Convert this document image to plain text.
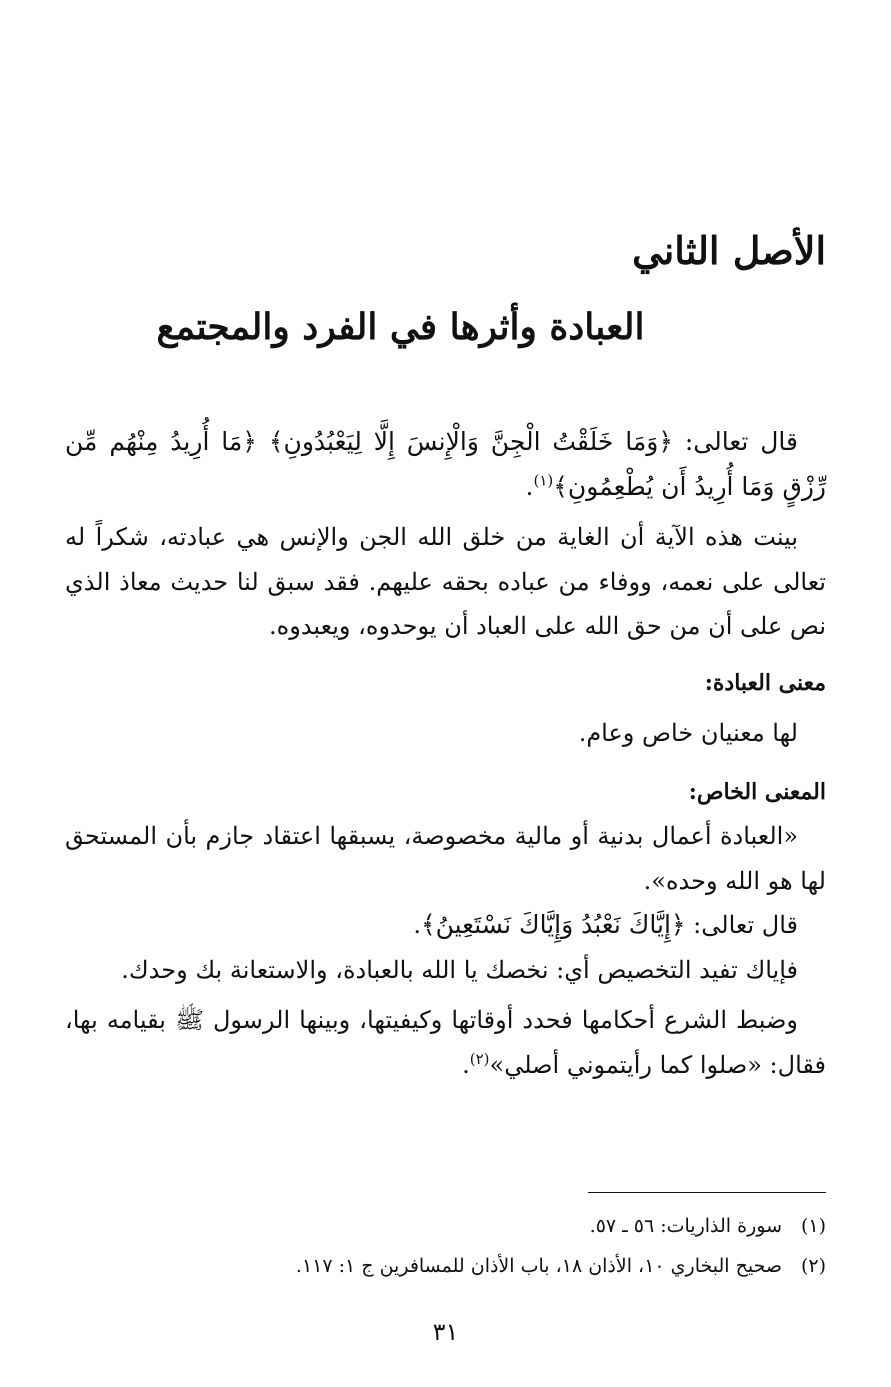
الأصل الثاني
العبادة وأثرها في الفرد والمجتمع

قال تعالى: ﴿وَمَا خَلَقْتُ الْجِنَّ وَالْإِنسَ إِلَّا لِيَعْبُدُونِ﴾ ﴿مَا أُرِيدُ مِنْهُم مِّن رِّزْقٍ وَمَا أُرِيدُ أَن يُطْعِمُونِ﴾$^{(١)}$.

بينت هذه الآية أن الغاية من خلق الله الجن والإنس هي عبادته، شكراً له تعالى على نعمه، ووفاء من عباده بحقه عليهم. فقد سبق لنا حديث معاذ الذي نص على أن من حق الله على العباد أن يوحدوه، ويعبدوه.

معنى العبادة:

لها معنيان خاص وعام.

المعنى الخاص:

«العبادة أعمال بدنية أو مالية مخصوصة، يسبقها اعتقاد جازم بأن المستحق لها هو الله وحده».

قال تعالى: ﴿إِيَّاكَ نَعْبُدُ وَإِيَّاكَ نَسْتَعِينُ﴾.

فإياك تفيد التخصيص أي: نخصك يا الله بالعبادة، والاستعانة بك وحدك.

وضبط الشرع أحكامها فحدد أوقاتها وكيفيتها، وبينها الرسول ﷺ بقيامه بها، فقال: «صلوا كما رأيتموني أصلي»$^{(٢)}$.

(١)سورة الذاريات: ٥٦ ـ ٥٧.

(٢)صحيح البخاري ١٠، الأذان ١٨، باب الأذان للمسافرين ج ١: ١١٧.

٣١
